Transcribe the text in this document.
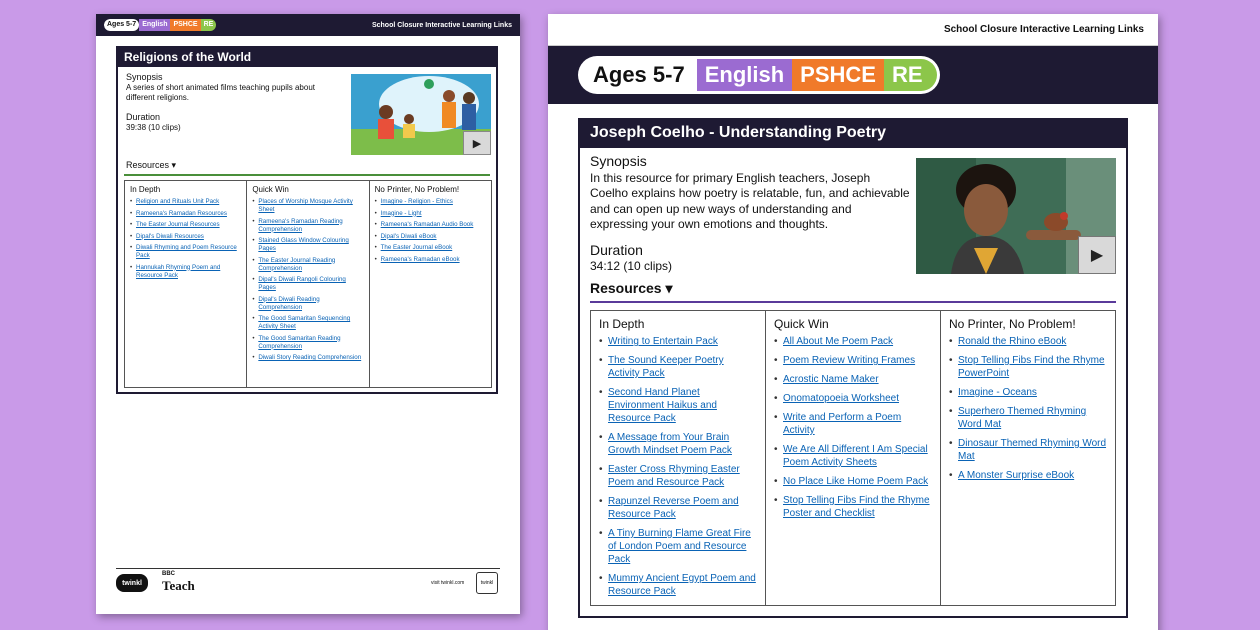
Ages 5-7 English PSHCE RE	School Closure Interactive Learning Links
Religions of the World
Synopsis

A series of short animated films teaching pupils about different religions.

Duration

39:38 (10 clips)

▶
Resources ▾
In Depth
• Religion and Rituals Unit Pack
• Rameena's Ramadan Resources
• The Easter Journal Resources
• Dipal's Diwali Resources
• Diwali Rhyming and Poem Resource Pack
• Hannukah Rhyming Poem and Resource Pack
Quick Win
• Places of Worship Mosque Activity Sheet
• Rameena's Ramadan Reading Comprehension
• Stained Glass Window Colouring Pages
• The Easter Journal Reading Comprehension
• Dipal's Diwali Rangoli Colouring Pages
• Dipal's Diwali Reading Comprehension
• The Good Samaritan Sequencing Activity Sheet
• The Good Samaritan Reading Comprehension
• Diwali Story Reading Comprehension
No Printer, No Problem!
• Imagine - Religion - Ethics
• Imagine - Light
• Rameena's Ramadan Audio Book
• Dipal's Diwali eBook
• The Easter Journal eBook
• Rameena's Ramadan eBook
twinkl
BBC
Teach	visit twinkl.com	twinkl
School Closure Interactive Learning Links
Ages 5-7 English PSHCE RE
Joseph Coelho - Understanding Poetry
Synopsis

In this resource for primary English teachers, Joseph Coelho explains how poetry is relatable, fun, and achievable and can open up new ways of understanding and expressing your own emotions and thoughts.

Duration

34:12 (10 clips)

▶
Resources ▾
In Depth
• Writing to Entertain Pack
• The Sound Keeper Poetry Activity Pack
• Second Hand Planet Environment Haikus and Resource Pack
• A Message from Your Brain Growth Mindset Poem Pack
• Easter Cross Rhyming Easter Poem and Resource Pack
• Rapunzel Reverse Poem and Resource Pack
• A Tiny Burning Flame Great Fire of London Poem and Resource Pack
• Mummy Ancient Egypt Poem and Resource Pack
Quick Win
• All About Me Poem Pack
• Poem Review Writing Frames
• Acrostic Name Maker
• Onomatopoeia Worksheet
• Write and Perform a Poem Activity
• We Are All Different I Am Special Poem Activity Sheets
• No Place Like Home Poem Pack
• Stop Telling Fibs Find the Rhyme Poster and Checklist
No Printer, No Problem!
• Ronald the Rhino eBook
• Stop Telling Fibs Find the Rhyme PowerPoint
• Imagine - Oceans
• Superhero Themed Rhyming Word Mat
• Dinosaur Themed Rhyming Word Mat
• A Monster Surprise eBook
